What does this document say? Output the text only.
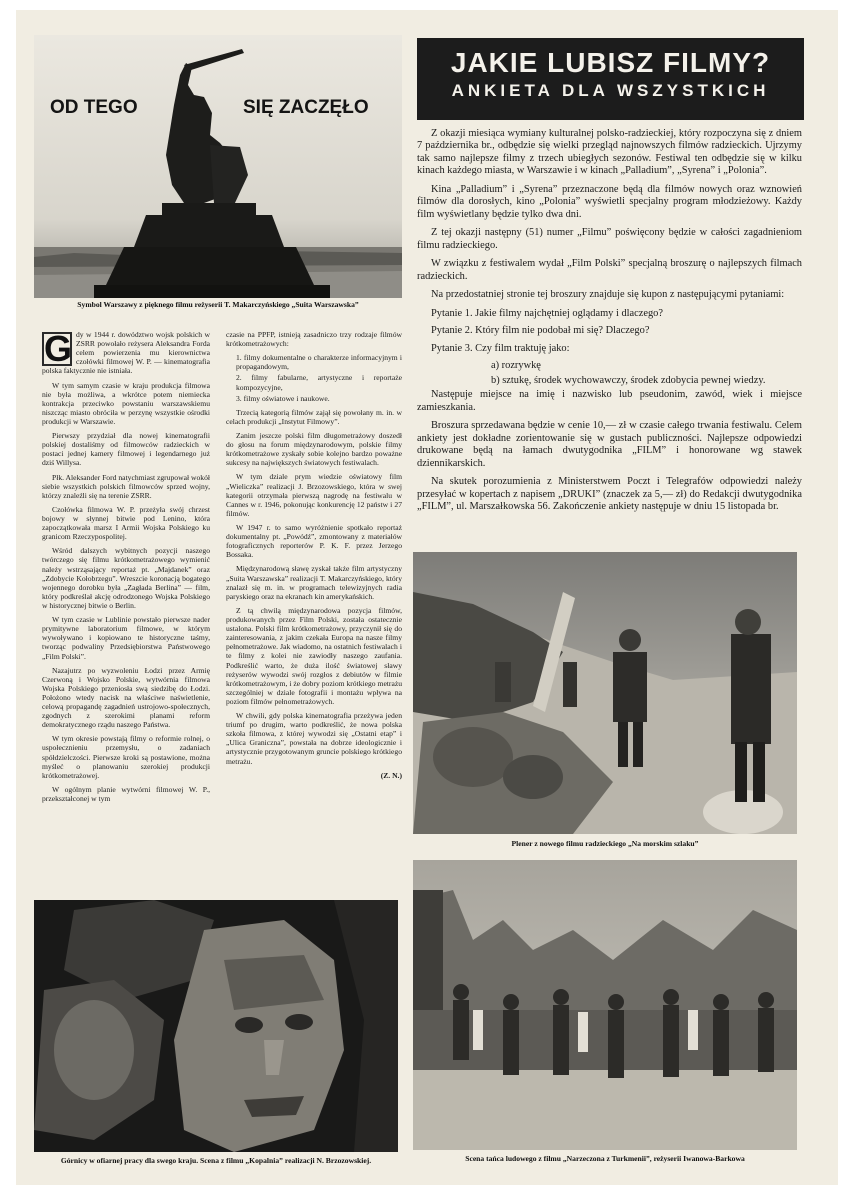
OD TEGO	SIĘ ZACZĘŁO
Symbol Warszawy z pięknego filmu reżyserii T. Makarczyńskiego „Suita Warszawska”
JAKIE LUBISZ FILMY?
ANKIETA DLA WSZYSTKICH

Z okazji miesiąca wymiany kulturalnej polsko-radzieckiej, który rozpoczyna się z dniem 7 października br., odbędzie się wielki przegląd najnowszych filmów radzieckich. Ujrzymy tak samo najlepsze filmy z trzech ubiegłych sezonów. Festiwal ten odbędzie się w kilku kinach każdego miasta, w Warszawie i w kinach „Palladium”, „Syrena” i „Polonia”.

Kina „Palladium” i „Syrena” przeznaczone będą dla filmów nowych oraz wznowień filmów dla dorosłych, kino „Polonia” wyświetli specjalny program młodzieżowy. Każdy film wyświetlany będzie tylko dwa dni.

Z tej okazji następny (51) numer „Filmu” poświęcony będzie w całości zagadnieniom filmu radzieckiego.

W związku z festiwalem wydał „Film Polski” specjalną broszurę o najlepszych filmach radzieckich.

Na przedostatniej stronie tej broszury znajduje się kupon z następującymi pytaniami:

Pytanie 1. Jakie filmy najchętniej oglądamy i dlaczego?

Pytanie 2. Który film nie podobał mi się? Dlaczego?

Pytanie 3. Czy film traktuję jako:

a) rozrywkę

b) sztukę, środek wychowawczy, środek zdobycia pewnej wiedzy.

Następuje miejsce na imię i nazwisko lub pseudonim, zawód, wiek i miejsce zamieszkania.

Broszura sprzedawana będzie w cenie 10,— zł w czasie całego trwania festiwalu. Celem ankiety jest dokładne zorientowanie się w gustach publiczności. Najlepsze odpowiedzi drukowane będą na łamach dwutygodnika „FILM” i honorowane wg stawek dziennikarskich.

Na skutek porozumienia z Ministerstwem Poczt i Telegrafów odpowiedzi należy przesyłać w kopertach z napisem „DRUKI” (znaczek za 5,— zł) do Redakcji dwutygodnika „FILM”, ul. Marszałkowska 56. Zakończenie ankiety następuje w dniu 15 listopada br.

G dy w 1944 r. dowództwo wojsk polskich w ZSRR powołało reżysera Aleksandra Forda celem powierzenia mu kierownictwa czołówki filmowej W. P. — kinematografia polska faktycznie nie istniała.

W tym samym czasie w kraju produkcja filmowa nie była możliwa, a wkrótce potem niemiecka kontrakcja przeciwko powstaniu warszawskiemu niszcząc miasto obróciła w perzynę wszystkie ośrodki produkcji w Warszawie.

Pierwszy przydział dla nowej kinematografii polskiej dostaliśmy od filmowców radzieckich w postaci jednej kamery filmowej i legendarnego już dziś Willysa.

Płk. Aleksander Ford natychmiast zgrupował wokół siebie wszystkich polskich filmowców sprzed wojny, którzy znaleźli się na terenie ZSRR.

Czołówka filmowa W. P. przeżyła swój chrzest bojowy w słynnej bitwie pod Lenino, która zapoczątkowała marsz I Armii Wojska Polskiego ku granicom Rzeczypospolitej.

Wśród dalszych wybitnych pozycji naszego twórczego się filmu krótkometrażowego wymienić należy wstrząsający reportaż pt. „Majdanek” oraz „Zdobycie Kołobrzegu”. Wreszcie koronacją bogatego wojennego dorobku była „Zagłada Berlina” — film, który podkreślał akcję odrodzonego Wojska Polskiego w historycznej bitwie o Berlin.

W tym czasie w Lublinie powstało pierwsze nader prymitywne laboratorium filmowe, w którym wywoływano i kopiowano te historyczne taśmy, tworząc podwaliny Przedsiębiorstwa Państwowego „Film Polski”.

Nazajutrz po wyzwoleniu Łodzi przez Armię Czerwoną i Wojsko Polskie, wytwórnia filmowa Wojska Polskiego przeniosła swą siedzibę do Łodzi. Położono wtedy nacisk na właściwe naświetlenie, celową propagandę zagadnień ustrojowo-społecznych, zgodnych z szerokimi planami reform demokratycznego rządu naszego Państwa.

W tym okresie powstają filmy o reformie rolnej, o uspołecznieniu przemysłu, o zadaniach spółdzielczości. Pierwsze kroki są postawione, można myśleć o planowaniu szerokiej produkcji krótkometrażowej.

W ogólnym planie wytwórni filmowej W. P., przekształconej w tym

czasie na PPFP, istnieją zasadniczo trzy rodzaje filmów krótkometrażowych:

1. filmy dokumentalne o charakterze informacyjnym i propagandowym,

2. filmy fabularne, artystyczne i reportaże kompozycyjne,

3. filmy oświatowe i naukowe.

Trzecią kategorią filmów zajął się powołany m. in. w celach produkcji „Instytut Filmowy”.

Zanim jeszcze polski film długometrażowy doszedł do głosu na forum międzynarodowym, polskie filmy krótkometrażowe zyskały sobie kolejno bardzo poważne sukcesy na największych światowych festiwalach.

W tym dziale prym wiedzie oświatowy film „Wieliczka” realizacji J. Brzozowskiego, która w swej kategorii otrzymała pierwszą nagrodę na festiwalu w Cannes w r. 1946, pokonując konkurencję 12 państw i 27 filmów.

W 1947 r. to samo wyróżnienie spotkało reportaż dokumentalny pt. „Powódź”, zmontowany z materiałów fotograficznych reporterów P. K. F. przez Jerzego Bossaka.

Międzynarodową sławę zyskał także film artystyczny „Suita Warszawska” realizacji T. Makarczyńskiego, który znalazł się m. in. w programach telewizyjnych radia paryskiego oraz na ekranach kin amerykańskich.

Z tą chwilą międzynarodowa pozycja filmów, produkowanych przez Film Polski, została ostatecznie ustalona. Polski film krótkometrażowy, przyczynił się do zainteresowania, z jakim czekała Europa na nasze filmy pełnometrażowe. Jak wiadomo, na ostatnich festiwalach i te filmy z kolei nie zawiodły naszego zaufania. Podkreślić warto, że duża ilość światowej sławy reżyserów wywodzi swój rozgłos z debiutów w filmie krótkometrażowym, i że dobry poziom krótkiego metrażu szczególniej w dziale fotografii i montażu wpływa na poziom filmów pełnometrażowych.

W chwili, gdy polska kinematografia przeżywa jeden triumf po drugim, warto podkreślić, że nowa polska szkoła filmowa, z której wywodzi się „Ostatni etap” i „Ulica Graniczna”, powstała na dobrze ideologicznie i artystycznie przygotowanym gruncie polskiego krótkiego metrażu.

(Z. N.)

Plener z nowego filmu radzieckiego „Na morskim szlaku”
Górnicy w ofiarnej pracy dla swego kraju. Scena z filmu „Kopalnia” realizacji N. Brzozowskiej.	Scena tańca ludowego z filmu „Narzeczona z Turkmenii”, reżyserii Iwanowa-Barkowa
